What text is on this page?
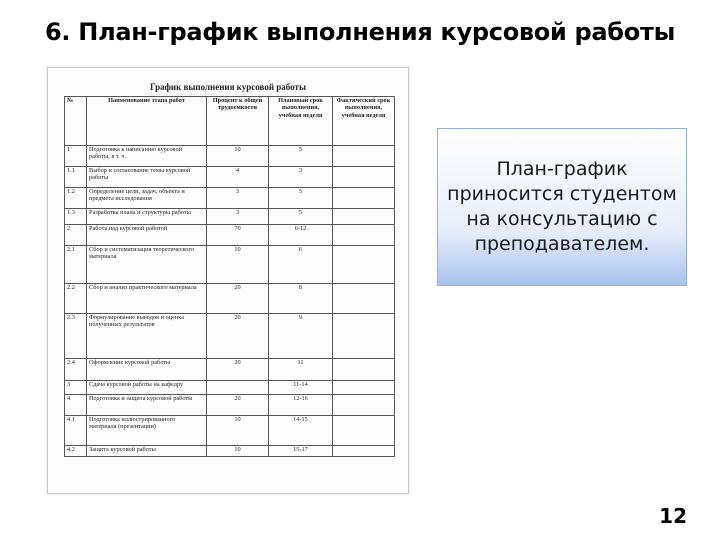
6. План-график выполнения курсовой работы
График выполнения курсовой работы
№	Наименование этапа работ	Процент к общей трудоемкости	Плановый срок выполнения, учебная неделя	Фактический срок выполнения, учебная неделя
1	Подготовка к написанию курсовой работы, в т. ч.	10	5	
1.1	Выбор и согласование темы курсовой работы	4	3	
1.2	Определение цели, задач, объекта и предмета исследования	3	5	
1.3	Разработка плана и структуры работы	3	5	
2	Работа над курсовой работой	70	6-12	
2.1	Сбор и систематизация теоретического материала	10	6	
2.2	Сбор и анализ практического материала	20	8	
2.3	Формулирование выводов и оценка полученных результатов	20	9	
2.4	Оформление курсовой работы	20	11	
3	Сдача курсовой работы на кафедру		11-14	
4	Подготовка и защита курсовой работы	20	12-16	
4.1	Подготовка иллюстрированного материала (презентации)	10	14-15	
4.2	Защита курсовой работы	10	15-17	
План-график
приносится студентом
на консультацию с
преподавателем.
12
